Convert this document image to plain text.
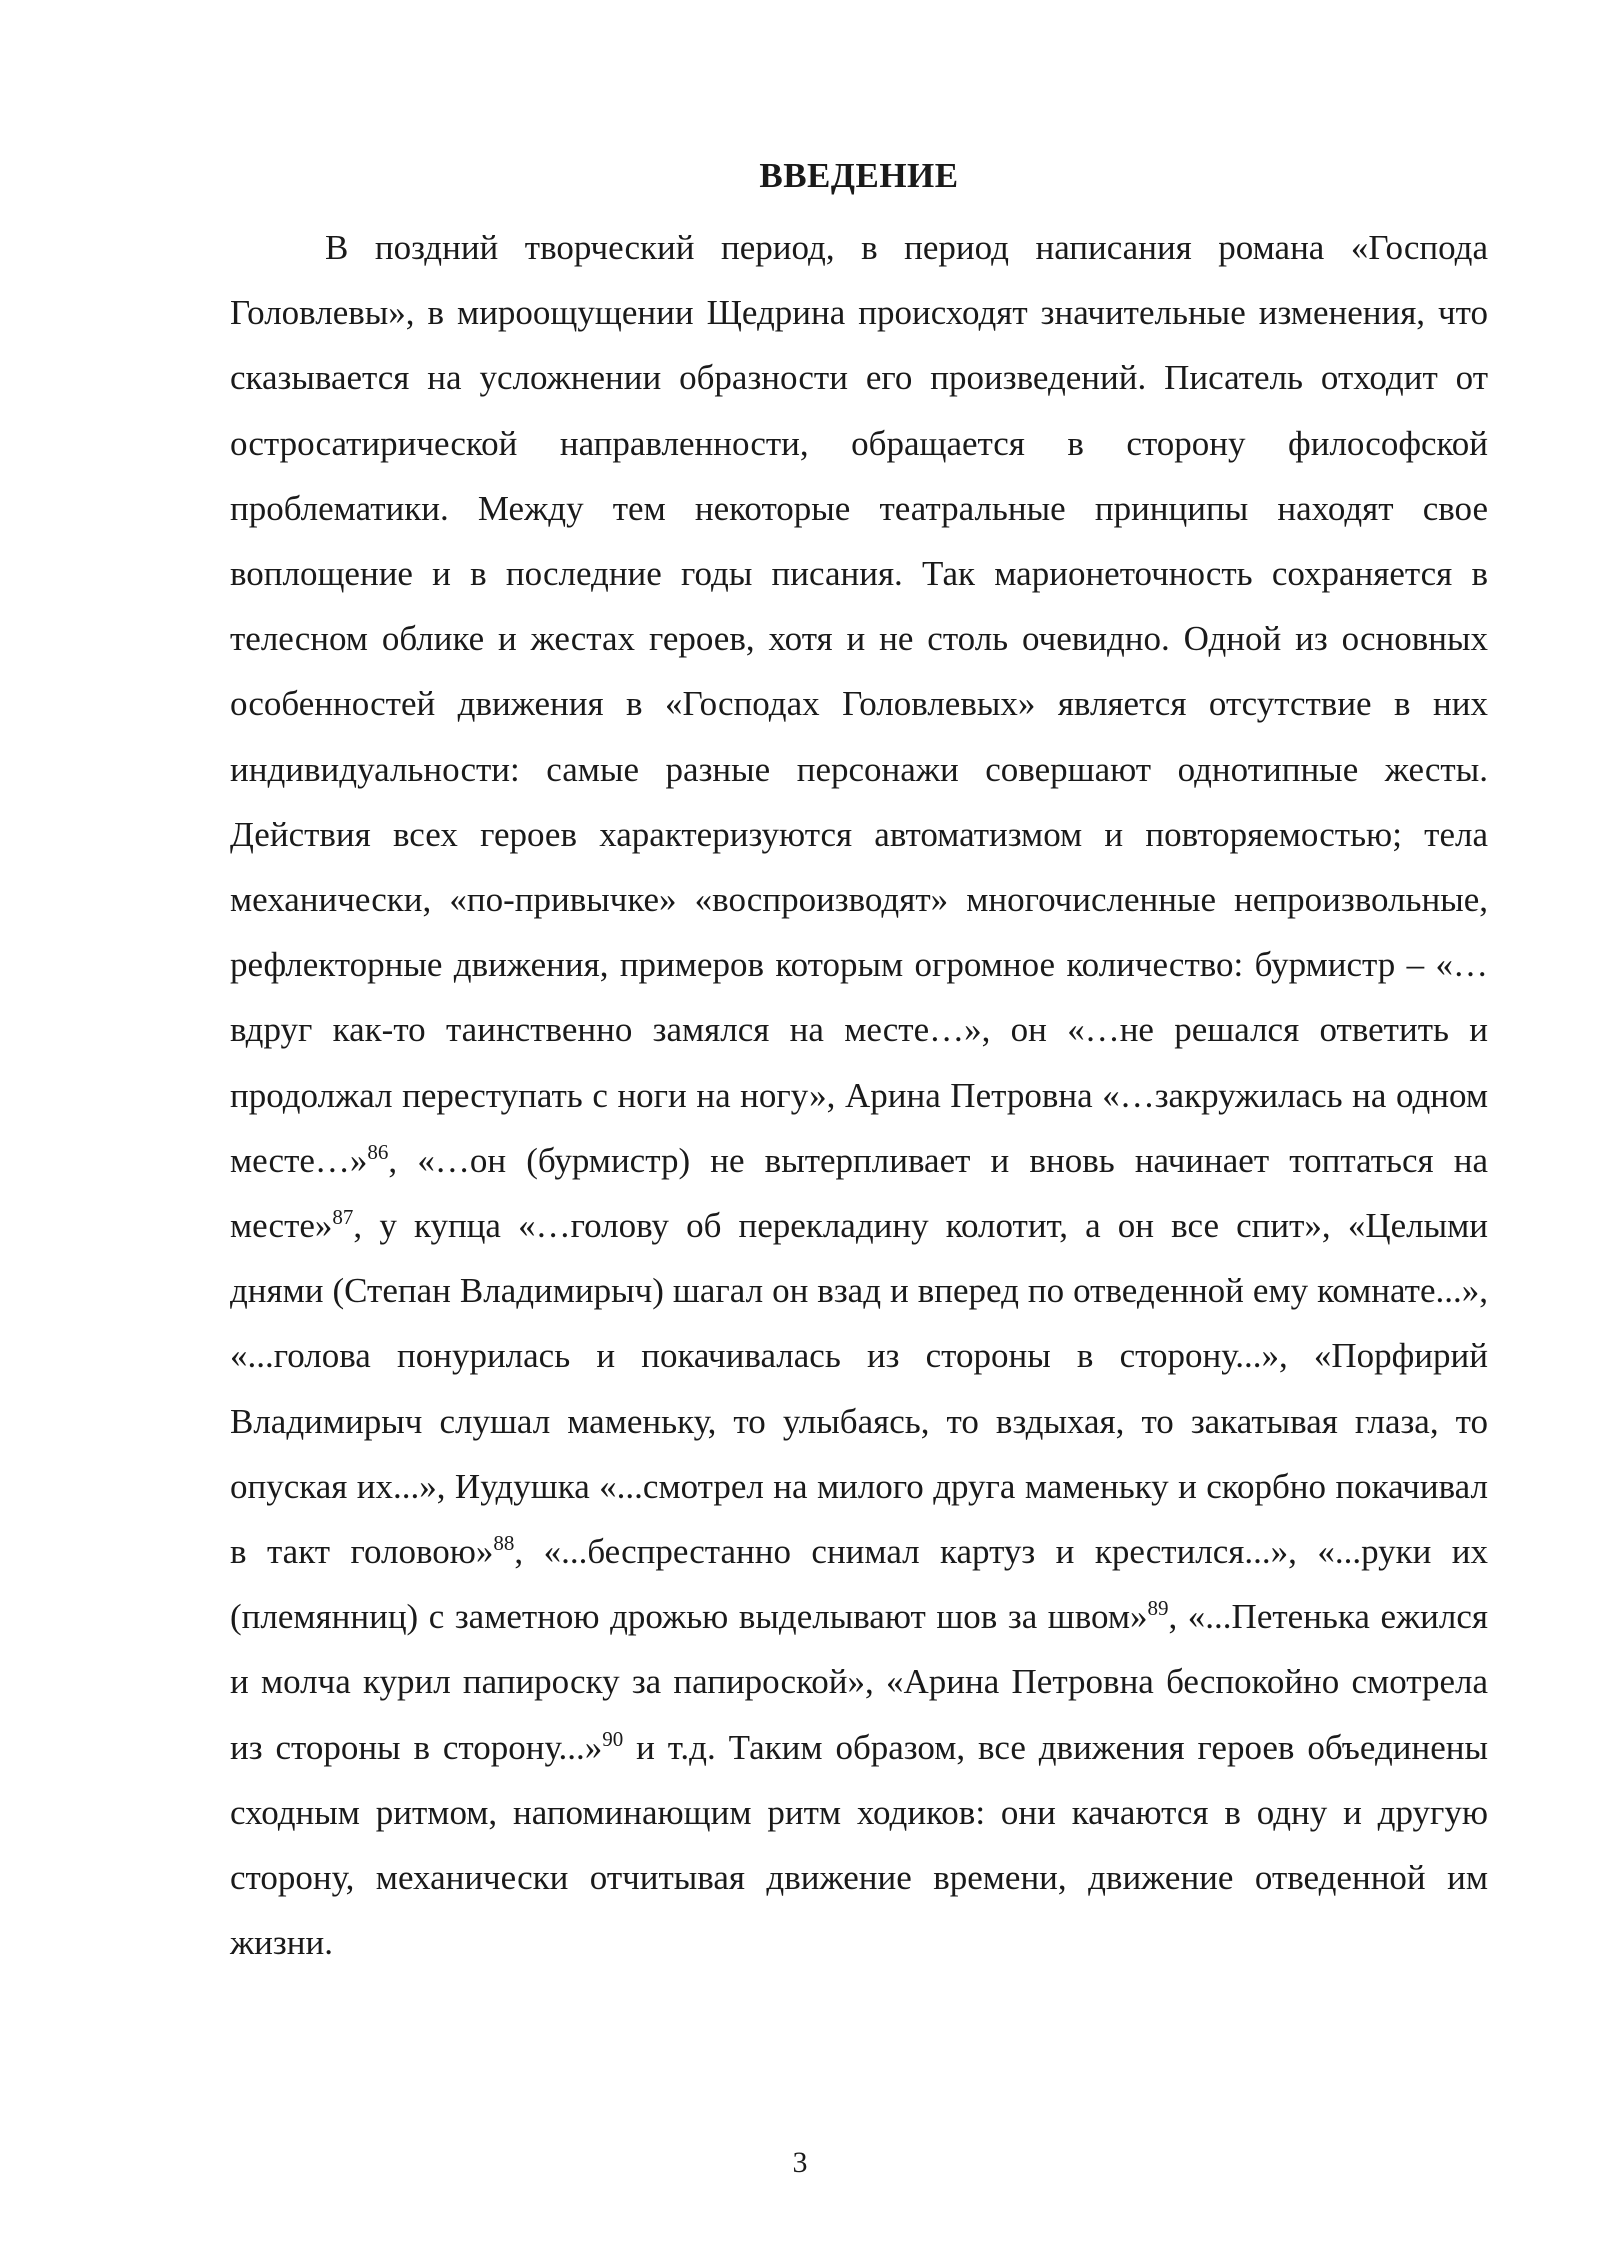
ВВЕДЕНИЕ

В поздний творческий период, в период написания романа «Господа Головлевы», в мироощущении Щедрина происходят значительные изменения, что сказывается на усложнении образности его произведений. Писатель отходит от остросатирической направленности, обращается в сторону философской проблематики. Между тем некоторые театральные принципы находят свое воплощение и в последние годы писания. Так марионеточность сохраняется в телесном облике и жестах героев, хотя и не столь очевидно. Одной из основных особенностей движения в «Господах Головлевых» является отсутствие в них индивидуальности: самые разные персонажи совершают однотипные жесты. Действия всех героев характеризуются автоматизмом и повторяемостью; тела механически, «по-привычке» «воспроизводят» многочисленные непроизвольные, рефлекторные движения, примеров которым огромное количество: бурмистр – «…вдруг как-то таинственно замялся на месте…», он «…не решался ответить и продолжал переступать с ноги на ногу», Арина Петровна «…закружилась на одном месте…»$^{86}$, «…он (бурмистр) не вытерпливает и вновь начинает топтаться на месте»$^{87}$, у купца «…голову об перекладину колотит, а он все спит», «Целыми днями (Степан Владимирыч) шагал он взад и вперед по отведенной ему комнате...», «...голова понурилась и покачивалась из стороны в сторону...», «Порфирий Владимирыч слушал маменьку, то улыбаясь, то вздыхая, то закатывая глаза, то опуская их...», Иудушка «...смотрел на милого друга маменьку и скорбно покачивал в такт головою»$^{88}$, «...беспрестанно снимал картуз и крестился...», «...руки их (племянниц) с заметною дрожью выделывают шов за швом»$^{89}$, «...Петенька ежился и молча курил папироску за папироской», «Арина Петровна беспокойно смотрела из стороны в сторону...»$^{90}$ и т.д. Таким образом, все движения героев объединены сходным ритмом, напоминающим ритм ходиков: они качаются в одну и другую сторону, механически отчитывая движение времени, движение отведенной им жизни.

3
